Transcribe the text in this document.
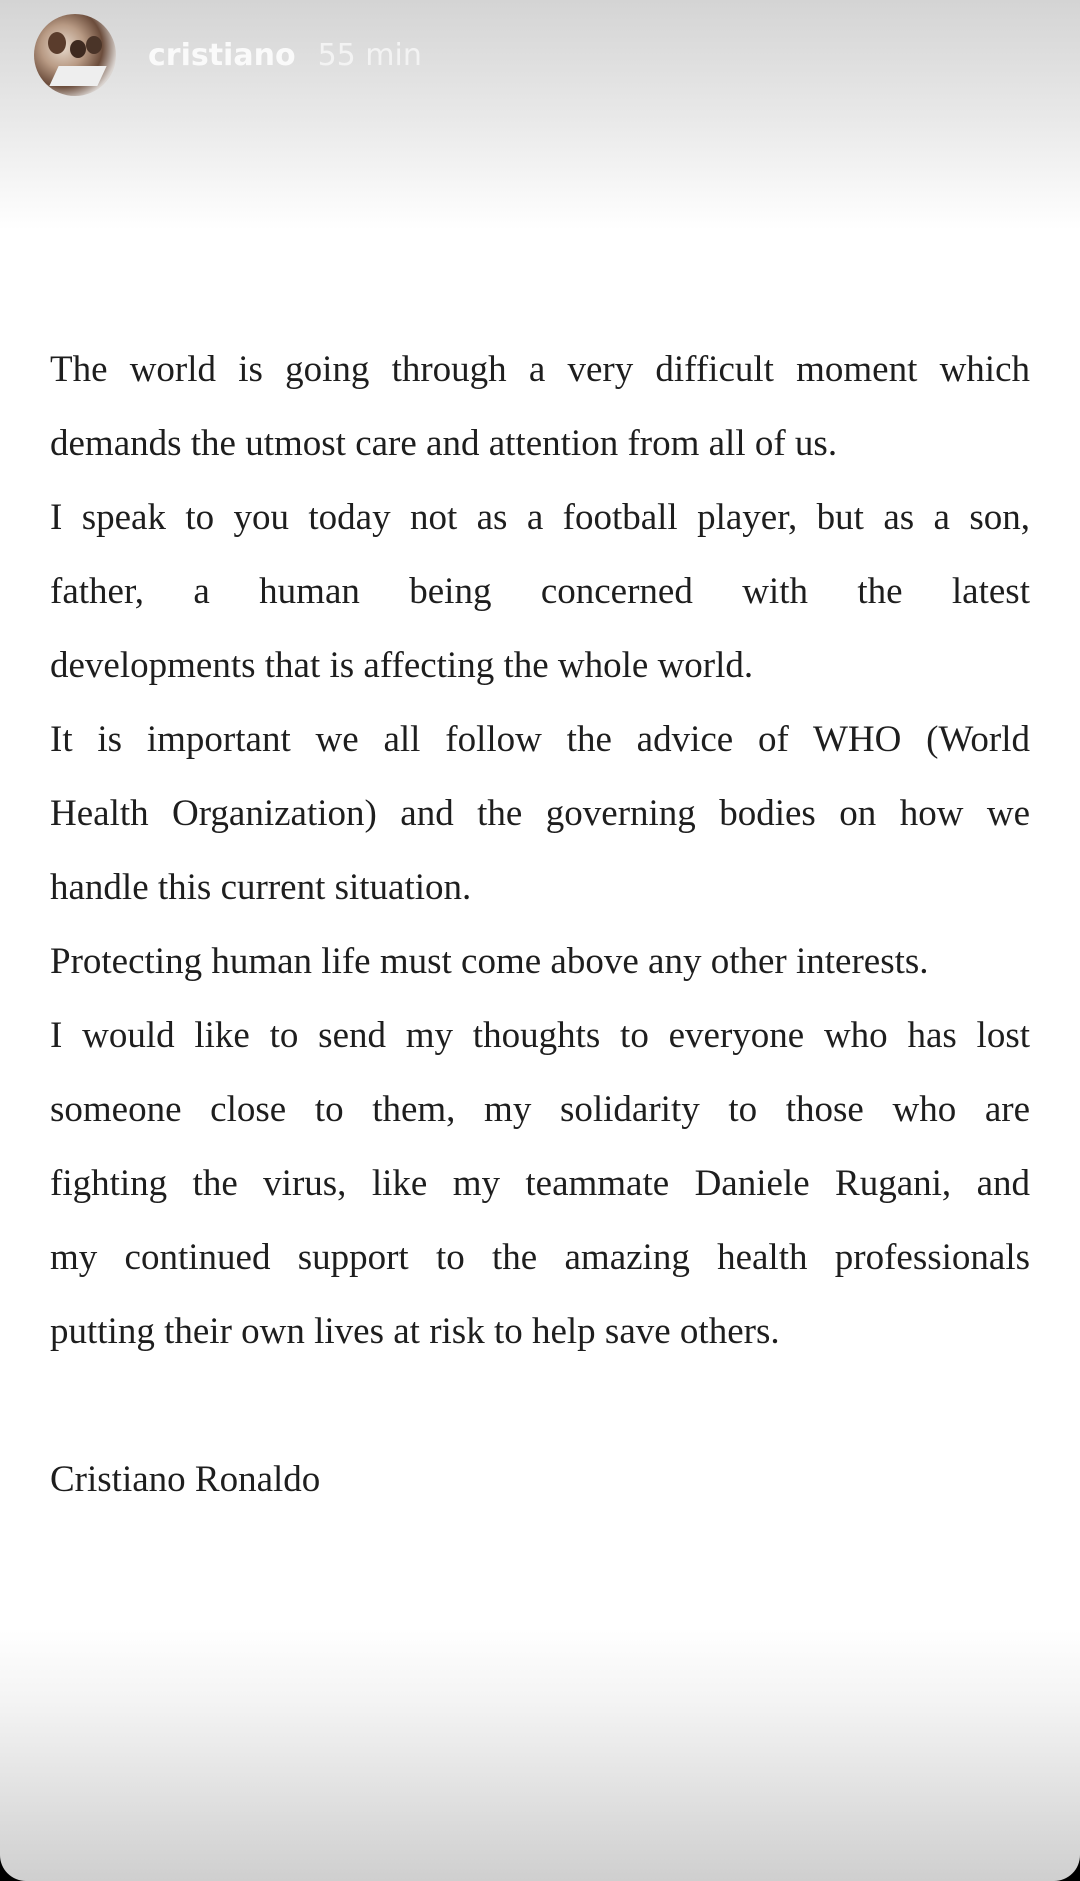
cristiano 55 min
The world is going through a very difficult moment which
demands the utmost care and attention from all of us.
I speak to you today not as a football player, but as a son,
father, a human being concerned with the latest
developments that is affecting the whole world.
It is important we all follow the advice of WHO (World
Health Organization) and the governing bodies on how we
handle this current situation.
Protecting human life must come above any other interests.
I would like to send my thoughts to everyone who has lost
someone close to them, my solidarity to those who are
fighting the virus, like my teammate Daniele Rugani, and
my continued support to the amazing health professionals
putting their own lives at risk to help save others.
Cristiano Ronaldo
